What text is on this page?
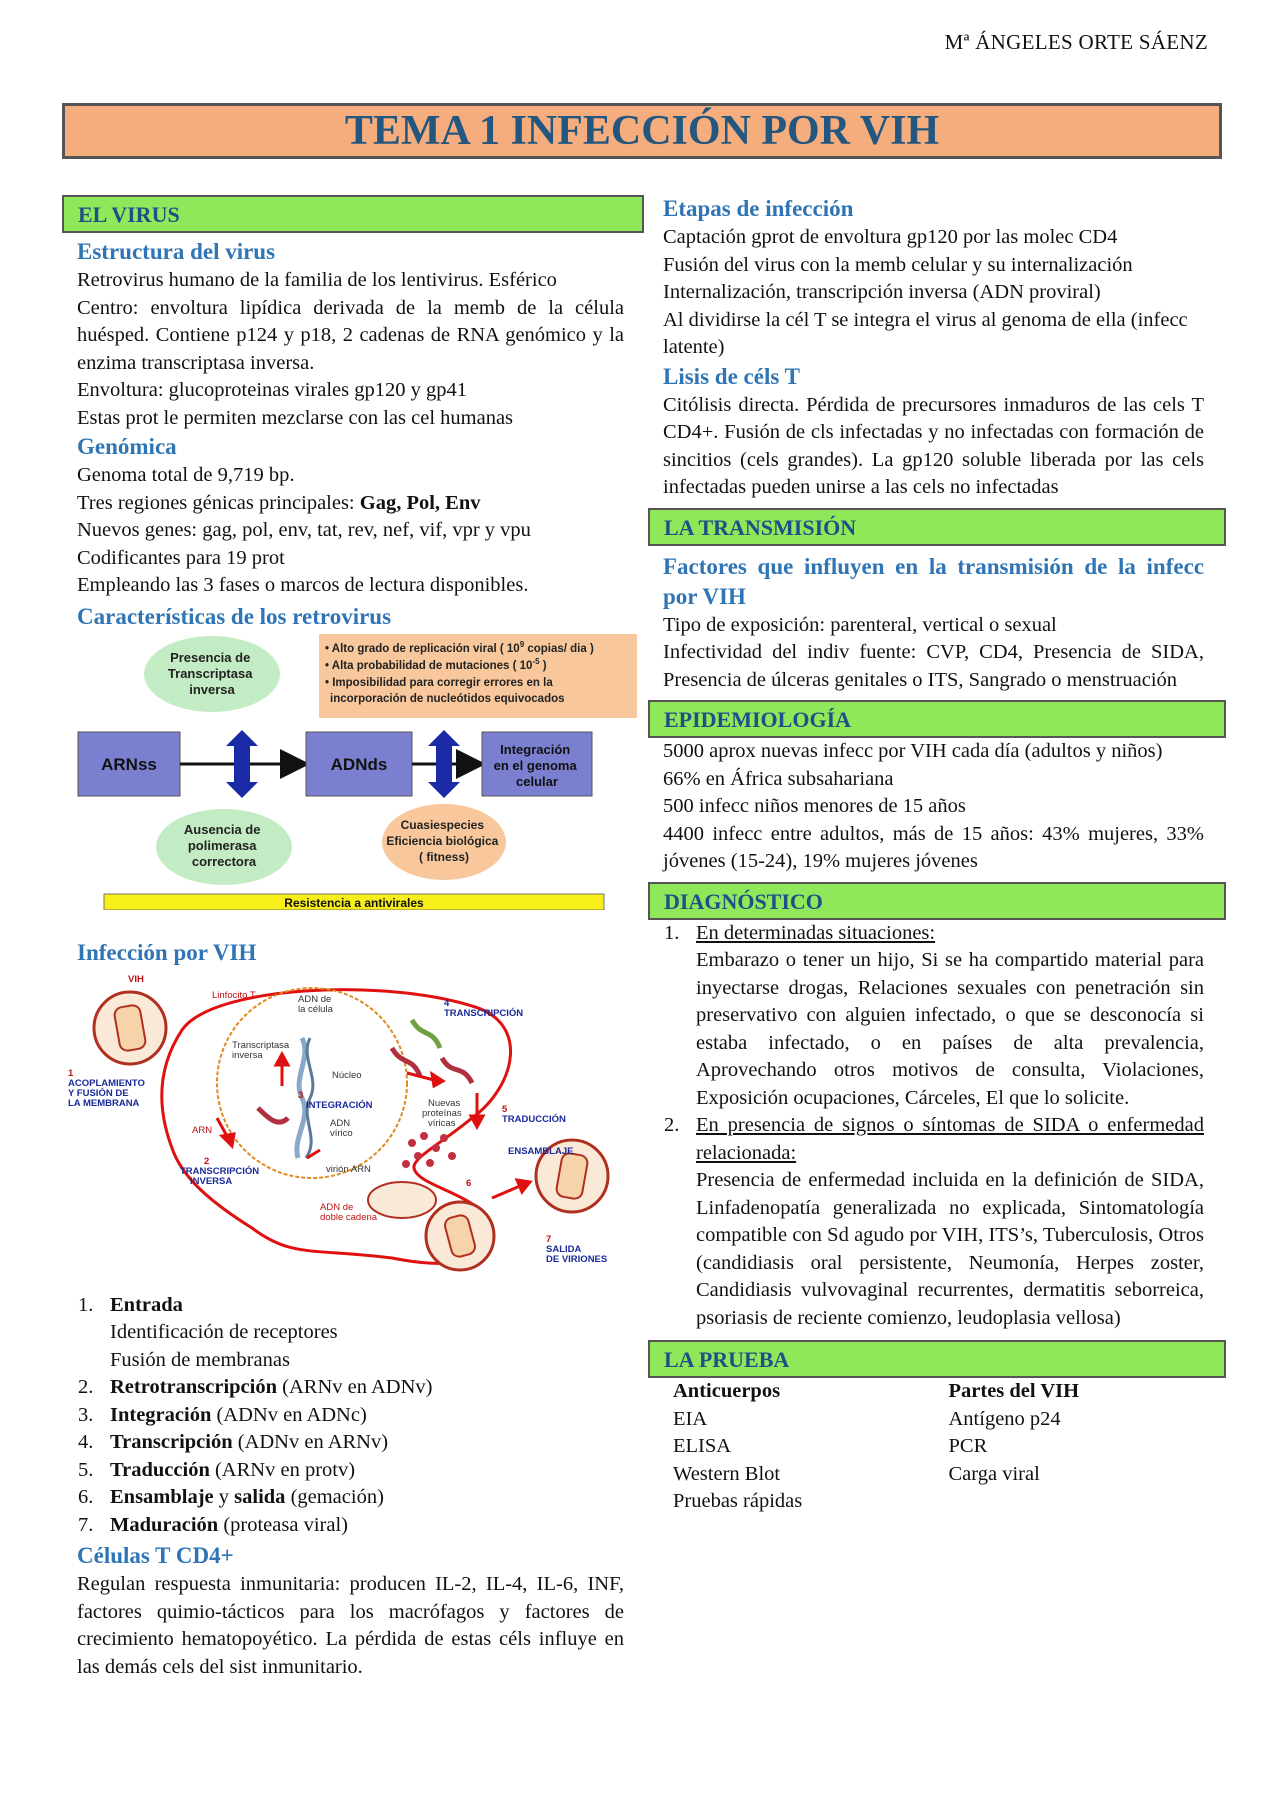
Mª ÁNGELES ORTE SÁENZ
TEMA 1 INFECCIÓN POR VIH
EL VIRUS
Estructura del virus
Retrovirus humano de la familia de los lentivirus. Esférico
Centro: envoltura lipídica derivada de la memb de la célula huésped. Contiene p124 y p18, 2 cadenas de RNA genómico y la enzima transcriptasa inversa.
Envoltura: glucoproteinas virales gp120 y gp41
Estas prot le permiten mezclarse con las cel humanas
Genómica
Genoma total de 9,719 bp.
Tres regiones génicas principales: Gag, Pol, Env
Nuevos genes: gag, pol, env, tat, rev, nef, vif, vpr y vpu
Codificantes para 19 prot
Empleando las 3 fases o marcos de lectura disponibles.
Características de los retrovirus
Presencia de Transcriptasa inversa
• Alto grado de replicación viral ( $10^9$ copias/ dia ) • Alta probabilidad de mutaciones ( $10^{-5}$ ) • Imposibilidad para corregir errores en la incorporación de nucleótidos equivocados
ARNss	ADNds
Integración en el genoma celular
Ausencia de polimerasa correctora
Cuasiespecies Eficiencia biológica ( fitness)
Resistencia a antivirales
Infección por VIH
VIH Linfocito T	ADN de la célula Transcriptasa inversa Núcleo 4 TRANSCRIPCIÓN 1 ACOPLAMIENTO Y FUSIÓN DE LA MEMBRANA 3 INTEGRACIÓN ARN ADN vírico Nuevas proteínas víricas 5 TRADUCCIÓN ENSAMBLAJE 2 TRANSCRIPCIÓN INVERSA virión ARN ADN de doble cadena 6 7 SALIDA DE VIRIONES
1. Entrada
Identificación de receptores
Fusión de membranas
2. Retrotranscripción (ARNv en ADNv)
3. Integración (ADNv en ADNc)
4. Transcripción (ADNv en ARNv)
5. Traducción (ARNv en protv)
6. Ensamblaje y salida (gemación)
7. Maduración (proteasa viral)
Células T CD4+
Regulan respuesta inmunitaria: producen IL-2, IL-4, IL-6, INF, factores quimio-tácticos para los macrófagos y factores de crecimiento hematopoyético. La pérdida de estas céls influye en las demás cels del sist inmunitario.
Etapas de infección
Captación gprot de envoltura gp120 por las molec CD4
Fusión del virus con la memb celular y su internalización
Internalización, transcripción inversa (ADN proviral)
Al dividirse la cél T se integra el virus al genoma de ella (infecc latente)
Lisis de céls T
Citólisis directa. Pérdida de precursores inmaduros de las cels T CD4+. Fusión de cls infectadas y no infectadas con formación de sincitios (cels grandes). La gp120 soluble liberada por las cels infectadas pueden unirse a las cels no infectadas
LA TRANSMISIÓN
Factores que influyen en la transmisión de la infecc por VIH
Tipo de exposición: parenteral, vertical o sexual
Infectividad del indiv fuente: CVP, CD4, Presencia de SIDA, Presencia de úlceras genitales o ITS, Sangrado o menstruación
EPIDEMIOLOGÍA
5000 aprox nuevas infecc por VIH cada día (adultos y niños)
66% en África subsahariana
500 infecc niños menores de 15 años
4400 infecc entre adultos, más de 15 años: 43% mujeres, 33% jóvenes (15-24), 19% mujeres jóvenes
DIAGNÓSTICO
1. En determinadas situaciones:
Embarazo o tener un hijo, Si se ha compartido material para inyectarse drogas, Relaciones sexuales con penetración sin preservativo con alguien infectado, o que se desconocía si estaba infectado, o en países de alta prevalencia, Aprovechando otros motivos de consulta, Violaciones, Exposición ocupaciones, Cárceles, El que lo solicite.
2. En presencia de signos o síntomas de SIDA o enfermedad relacionada:
Presencia de enfermedad incluida en la definición de SIDA, Linfadenopatía generalizada no explicada, Sintomatología compatible con Sd agudo por VIH, ITS’s, Tuberculosis, Otros (candidiasis oral persistente, Neumonía, Herpes zoster, Candidiasis vulvovaginal recurrentes, dermatitis seborreica, psoriasis de reciente comienzo, leudoplasia vellosa)
LA PRUEBA
Anticuerpos
EIA
ELISA
Western Blot
Pruebas rápidas
Partes del VIH
Antígeno p24
PCR
Carga viral
